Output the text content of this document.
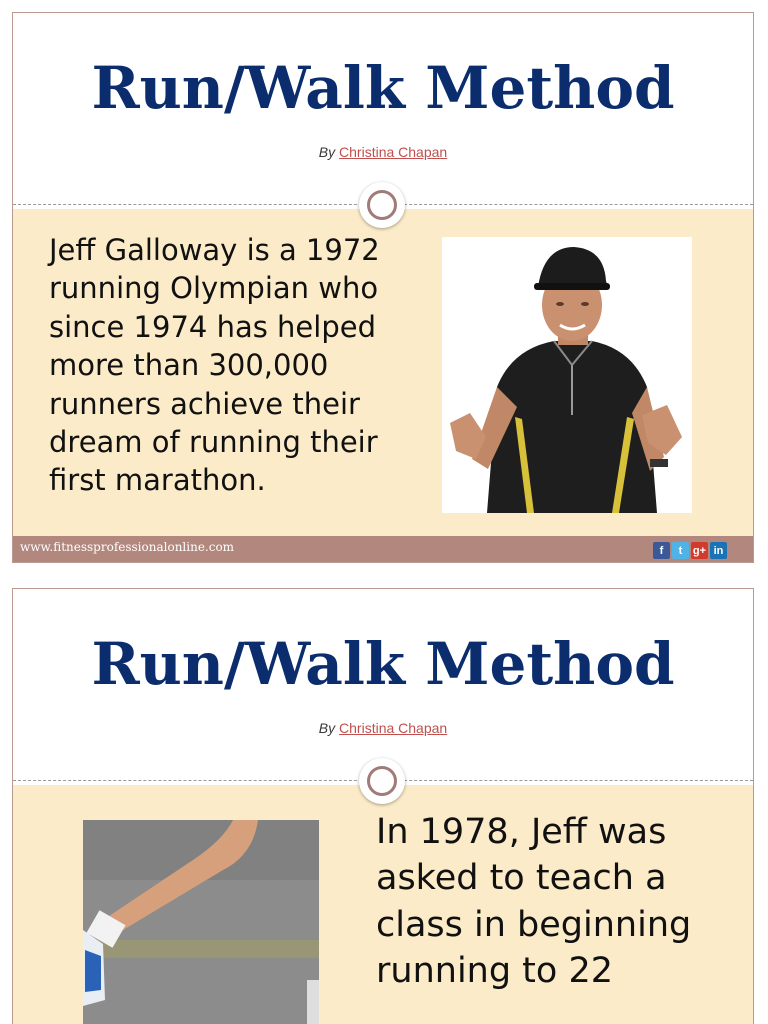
Run/Walk Method
By Christina Chapan
Jeff Galloway is a 1972 running Olympian who since 1974 has helped more than 300,000 runners achieve their dream of running their first marathon.
www.fitnessprofessionalonline.com	f	t g+ in
Run/Walk Method
By Christina Chapan
In 1978, Jeff was asked to teach a class in beginning running to 22
